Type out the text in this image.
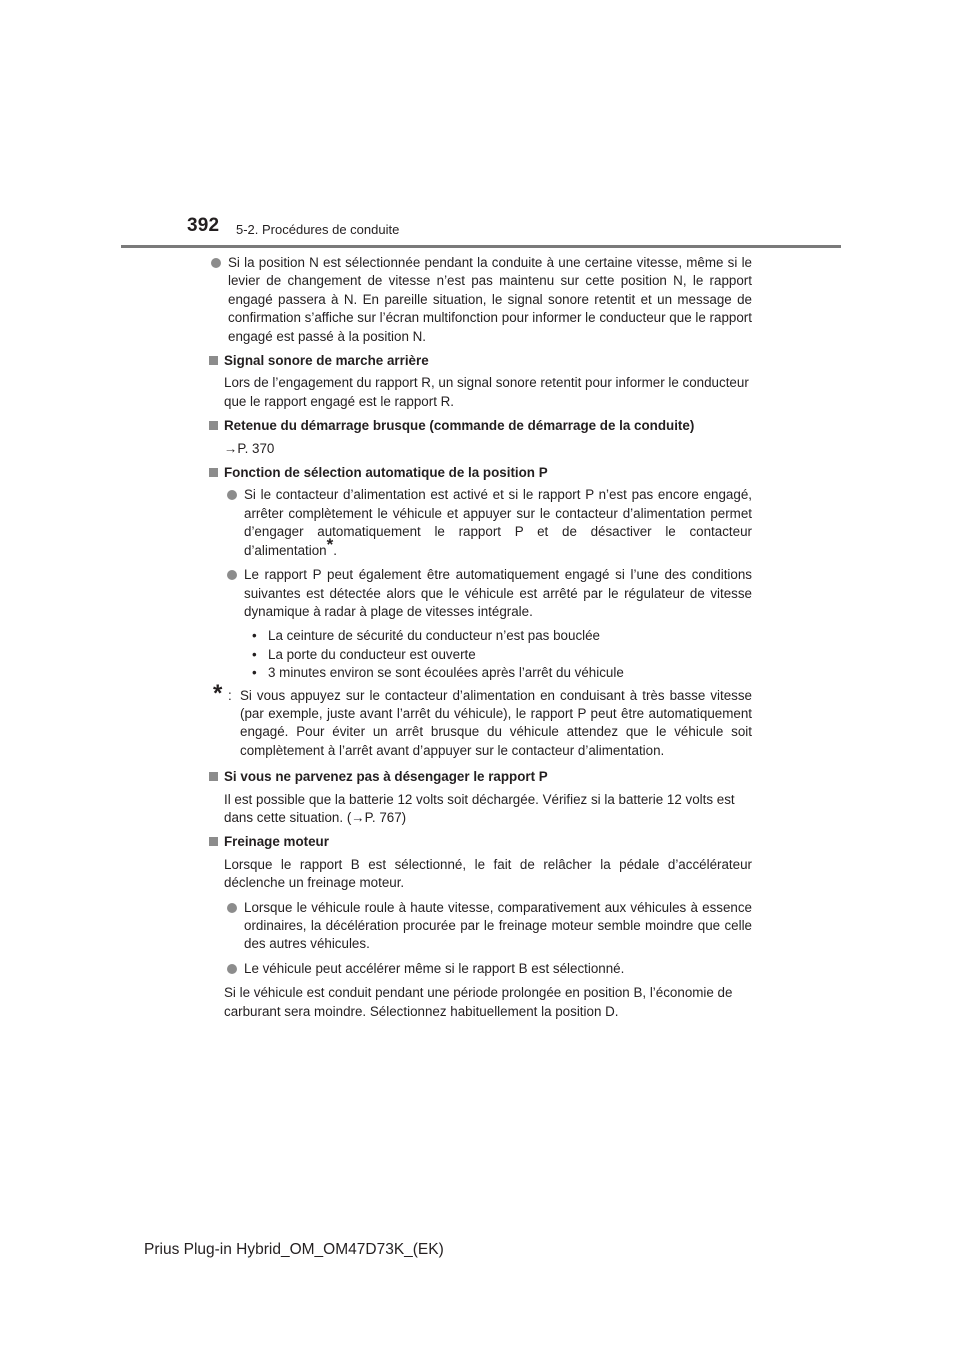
392 5-2. Procédures de conduite

Si la position N est sélectionnée pendant la conduite à une certaine vitesse, même si le levier de changement de vitesse n’est pas maintenu sur cette position N, le rapport engagé passera à N. En pareille situation, le signal sonore retentit et un message de confirmation s’affiche sur l’écran multifonction pour informer le conducteur que le rapport engagé est passé à la position N.

Signal sonore de marche arrière

Lors de l’engagement du rapport R, un signal sonore retentit pour informer le conducteur que le rapport engagé est le rapport R.

Retenue du démarrage brusque (commande de démarrage de la conduite)

→P. 370

Fonction de sélection automatique de la position P

Si le contacteur d’alimentation est activé et si le rapport P n’est pas encore engagé, arrêter complètement le véhicule et appuyer sur le contacteur d’alimentation permet d’engager automatiquement le rapport P et de désactiver le contacteur d’alimentation*.

Le rapport P peut également être automatiquement engagé si l’une des conditions suivantes est détectée alors que le véhicule est arrêté par le régulateur de vitesse dynamique à radar à plage de vitesses intégrale.

• La ceinture de sécurité du conducteur n’est pas bouclée
• La porte du conducteur est ouverte
• 3 minutes environ se sont écoulées après l’arrêt du véhicule

* : Si vous appuyez sur le contacteur d’alimentation en conduisant à très basse vitesse (par exemple, juste avant l’arrêt du véhicule), le rapport P peut être automatiquement engagé. Pour éviter un arrêt brusque du véhicule attendez que le véhicule soit complètement à l’arrêt avant d’appuyer sur le contacteur d’alimentation.

Si vous ne parvenez pas à désengager le rapport P

Il est possible que la batterie 12 volts soit déchargée. Vérifiez si la batterie 12 volts est dans cette situation. (→P. 767)

Freinage moteur

Lorsque le rapport B est sélectionné, le fait de relâcher la pédale d’accélérateur déclenche un freinage moteur.

Lorsque le véhicule roule à haute vitesse, comparativement aux véhicules à essence ordinaires, la décélération procurée par le freinage moteur semble moindre que celle des autres véhicules.

Le véhicule peut accélérer même si le rapport B est sélectionné.

Si le véhicule est conduit pendant une période prolongée en position B, l’économie de carburant sera moindre. Sélectionnez habituellement la position D.

Prius Plug-in Hybrid_OM_OM47D73K_(EK)
